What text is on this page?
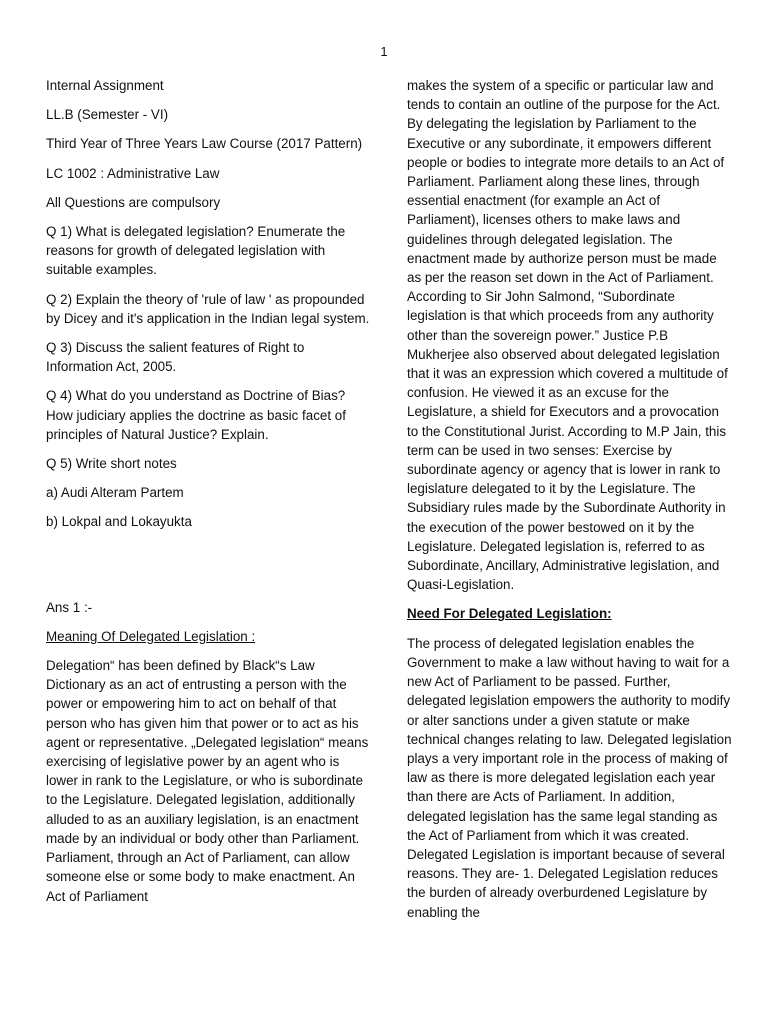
1

Internal Assignment

LL.B (Semester - VI)

Third Year of Three Years Law Course (2017 Pattern)

LC 1002 : Administrative Law

All Questions are compulsory

Q 1) What is delegated legislation? Enumerate the reasons for growth of delegated legislation with suitable examples.

Q 2) Explain the theory of 'rule of law ' as propounded by Dicey and it's application in the Indian legal system.

Q 3) Discuss the salient features of Right to Information Act, 2005.

Q 4) What do you understand as Doctrine of Bias? How judiciary applies the doctrine as basic facet of principles of Natural Justice? Explain.

Q 5) Write short notes

a) Audi Alteram Partem

b) Lokpal and Lokayukta

Ans 1 :-

Meaning Of Delegated Legislation :

Delegation“ has been defined by Black“s Law Dictionary as an act of entrusting a person with the power or empowering him to act on behalf of that person who has given him that power or to act as his agent or representative. „Delegated legislation“ means exercising of legislative power by an agent who is lower in rank to the Legislature, or who is subordinate to the Legislature. Delegated legislation, additionally alluded to as an auxiliary legislation, is an enactment made by an individual or body other than Parliament. Parliament, through an Act of Parliament, can allow someone else or some body to make enactment. An Act of Parliament

makes the system of a specific or particular law and tends to contain an outline of the purpose for the Act. By delegating the legislation by Parliament to the Executive or any subordinate, it empowers different people or bodies to integrate more details to an Act of Parliament. Parliament along these lines, through essential enactment (for example an Act of Parliament), licenses others to make laws and guidelines through delegated legislation. The enactment made by authorize person must be made as per the reason set down in the Act of Parliament. According to Sir John Salmond, “Subordinate legislation is that which proceeds from any authority other than the sovereign power.” Justice P.B Mukherjee also observed about delegated legislation that it was an expression which covered a multitude of confusion. He viewed it as an excuse for the Legislature, a shield for Executors and a provocation to the Constitutional Jurist. According to M.P Jain, this term can be used in two senses: Exercise by subordinate agency or agency that is lower in rank to legislature delegated to it by the Legislature. The Subsidiary rules made by the Subordinate Authority in the execution of the power bestowed on it by the Legislature. Delegated legislation is, referred to as Subordinate, Ancillary, Administrative legislation, and Quasi-Legislation.

Need For Delegated Legislation:

The process of delegated legislation enables the Government to make a law without having to wait for a new Act of Parliament to be passed. Further, delegated legislation empowers the authority to modify or alter sanctions under a given statute or make technical changes relating to law. Delegated legislation plays a very important role in the process of making of law as there is more delegated legislation each year than there are Acts of Parliament. In addition, delegated legislation has the same legal standing as the Act of Parliament from which it was created. Delegated Legislation is important because of several reasons. They are- 1. Delegated Legislation reduces the burden of already overburdened Legislature by enabling the
